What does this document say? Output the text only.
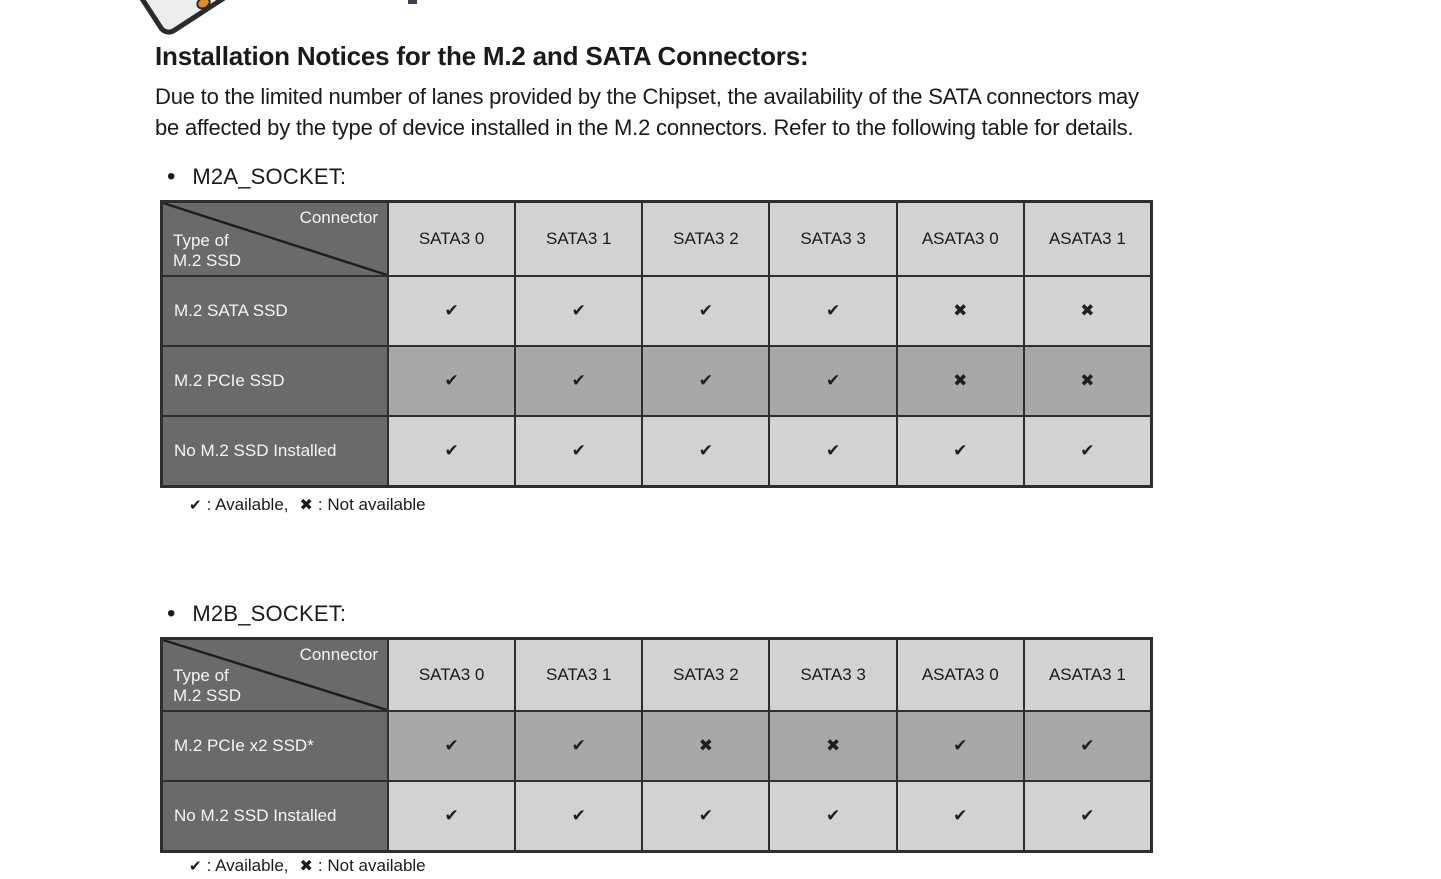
Installation Notices for the M.2 and SATA Connectors:
Due to the limited number of lanes provided by the Chipset, the availability of the SATA connectors may
be affected by the type of device installed in the M.2 connectors. Refer to the following table for details.
• M2A_SOCKET:
Connector
Type of
M.2 SSD
SATA3 0	SATA3 1	SATA3 2	SATA3 3	ASATA3 0	ASATA3 1
M.2 SATA SSD	✔	✔	✔	✔	✖	✖
M.2 PCIe SSD	✔	✔	✔	✔	✖	✖
No M.2 SSD Installed	✔	✔	✔	✔	✔	✔
✔ : Available, ✖ : Not available
• M2B_SOCKET:
Connector
Type of
M.2 SSD
SATA3 0	SATA3 1	SATA3 2	SATA3 3	ASATA3 0	ASATA3 1
M.2 PCIe x2 SSD*	✔	✔	✖	✖	✔	✔
No M.2 SSD Installed	✔	✔	✔	✔	✔	✔
✔ : Available, ✖ : Not available
